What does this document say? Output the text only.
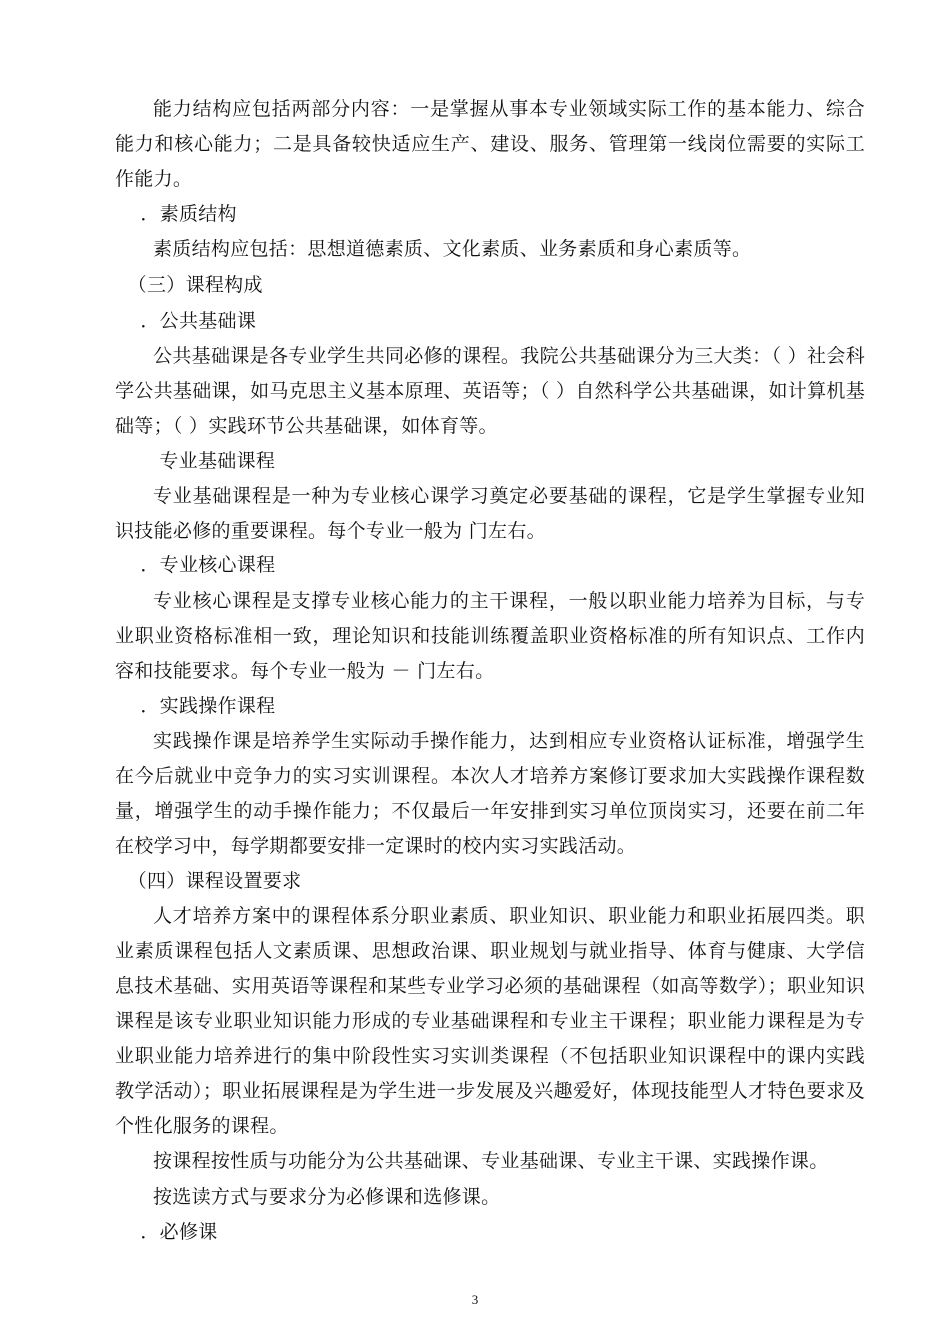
能力结构应包括两部分内容：一是掌握从事本专业领域实际工作的基本能力、综合能力和核心能力；二是具备较快适应生产、建设、服务、管理第一线岗位需要的实际工作能力。

．素质结构

素质结构应包括：思想道德素质、文化素质、业务素质和身心素质等。

（三）课程构成

．公共基础课

公共基础课是各专业学生共同必修的课程。我院公共基础课分为三大类：（ ）社会科学公共基础课，如马克思主义基本原理、英语等；（ ）自然科学公共基础课，如计算机基础等；（ ）实践环节公共基础课，如体育等。

专业基础课程

专业基础课程是一种为专业核心课学习奠定必要基础的课程，它是学生掌握专业知识技能必修的重要课程。每个专业一般为 门左右。

．专业核心课程

专业核心课程是支撑专业核心能力的主干课程，一般以职业能力培养为目标，与专业职业资格标准相一致，理论知识和技能训练覆盖职业资格标准的所有知识点、工作内容和技能要求。每个专业一般为 － 门左右。

．实践操作课程

实践操作课是培养学生实际动手操作能力，达到相应专业资格认证标准，增强学生在今后就业中竞争力的实习实训课程。本次人才培养方案修订要求加大实践操作课程数量，增强学生的动手操作能力；不仅最后一年安排到实习单位顶岗实习，还要在前二年在校学习中，每学期都要安排一定课时的校内实习实践活动。

（四）课程设置要求

人才培养方案中的课程体系分职业素质、职业知识、职业能力和职业拓展四类。职业素质课程包括人文素质课、思想政治课、职业规划与就业指导、体育与健康、大学信息技术基础、实用英语等课程和某些专业学习必须的基础课程（如高等数学）；职业知识课程是该专业职业知识能力形成的专业基础课程和专业主干课程；职业能力课程是为专业职业能力培养进行的集中阶段性实习实训类课程（不包括职业知识课程中的课内实践教学活动）；职业拓展课程是为学生进一步发展及兴趣爱好，体现技能型人才特色要求及个性化服务的课程。

按课程按性质与功能分为公共基础课、专业基础课、专业主干课、实践操作课。

按选读方式与要求分为必修课和选修课。

．必修课

3
